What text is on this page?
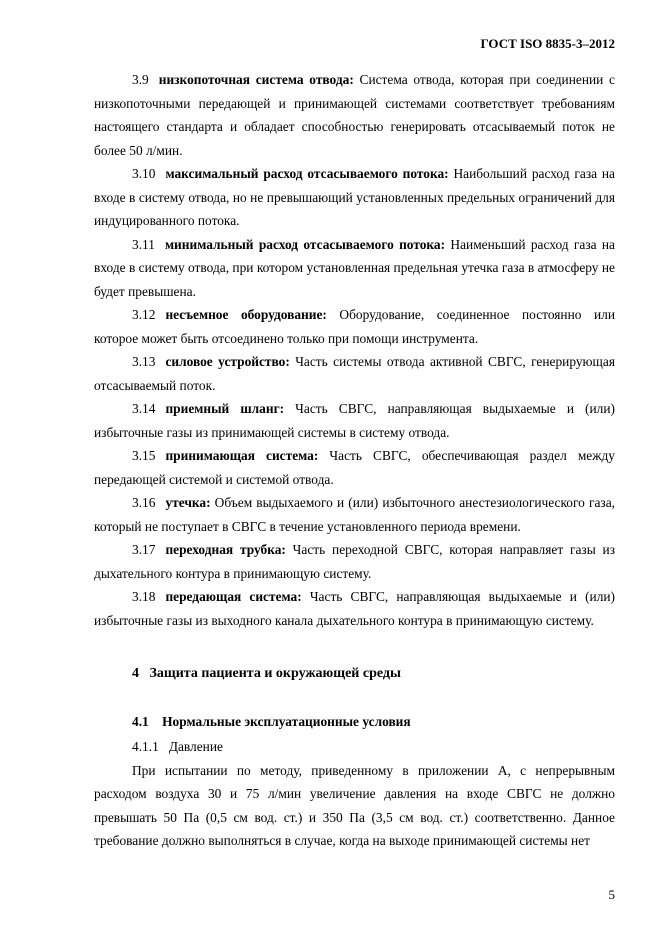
ГОСТ ISO 8835-3–2012

3.9 низкопоточная система отвода: Система отвода, которая при соединении с низкопоточными передающей и принимающей системами соответствует требованиям настоящего стандарта и обладает способностью генерировать отсасываемый поток не более 50 л/мин.

3.10 максимальный расход отсасываемого потока: Наибольший расход газа на входе в систему отвода, но не превышающий установленных предельных ограничений для индуцированного потока.

3.11 минимальный расход отсасываемого потока: Наименьший расход газа на входе в систему отвода, при котором установленная предельная утечка газа в атмосферу не будет превышена.

3.12 несъемное оборудование: Оборудование, соединенное постоянно или которое может быть отсоединено только при помощи инструмента.

3.13 силовое устройство: Часть системы отвода активной СВГС, генерирующая отсасываемый поток.

3.14 приемный шланг: Часть СВГС, направляющая выдыхаемые и (или) избыточные газы из принимающей системы в систему отвода.

3.15 принимающая система: Часть СВГС, обеспечивающая раздел между передающей системой и системой отвода.

3.16 утечка: Объем выдыхаемого и (или) избыточного анестезиологического газа, который не поступает в СВГС в течение установленного периода времени.

3.17 переходная трубка: Часть переходной СВГС, которая направляет газы из дыхательного контура в принимающую систему.

3.18 передающая система: Часть СВГС, направляющая выдыхаемые и (или) избыточные газы из выходного канала дыхательного контура в принимающую систему.

4 Защита пациента и окружающей среды

4.1 Нормальные эксплуатационные условия

4.1.1 Давление

При испытании по методу, приведенному в приложении А, с непрерывным расходом воздуха 30 и 75 л/мин увеличение давления на входе СВГС не должно превышать 50 Па (0,5 см вод. ст.) и 350 Па (3,5 см вод. ст.) соответственно. Данное требование должно выполняться в случае, когда на выходе принимающей системы нет

5
